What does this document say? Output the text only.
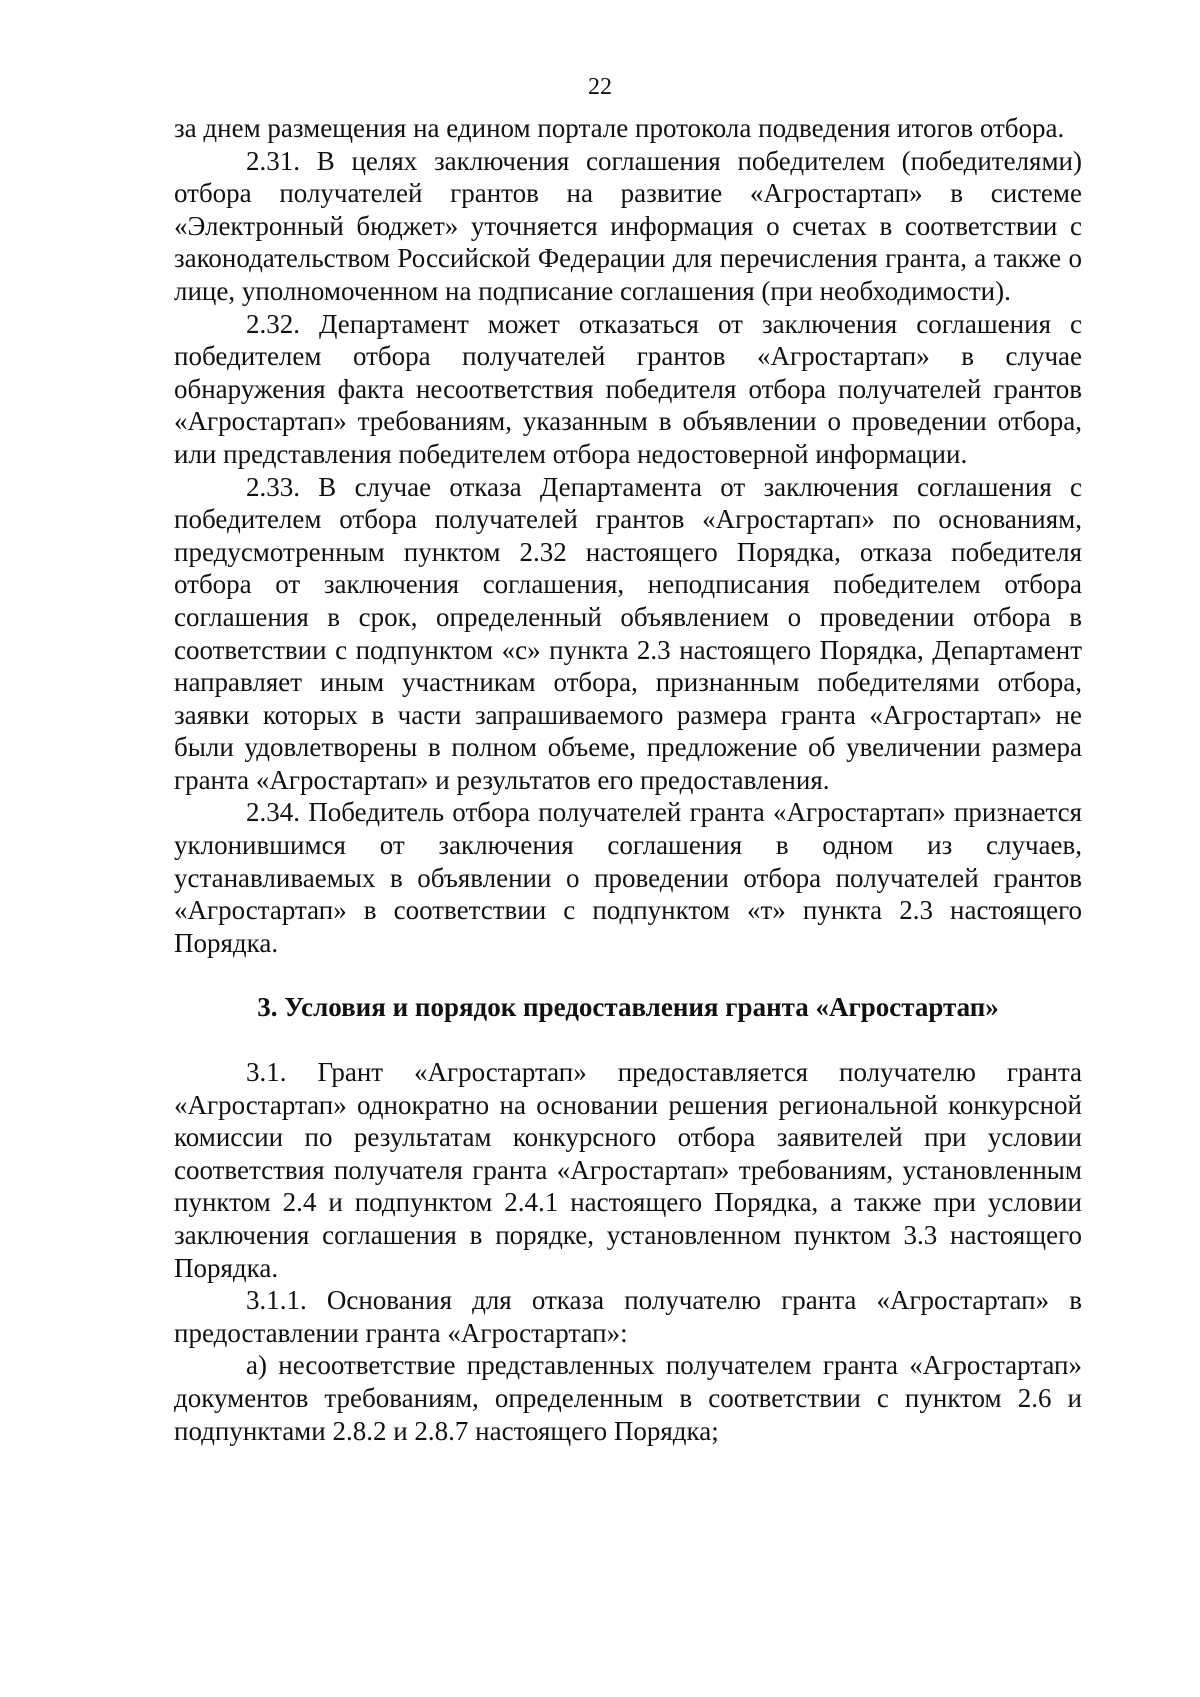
22

за днем размещения на едином портале протокола подведения итогов отбора.

2.31. В целях заключения соглашения победителем (победителями) отбора получателей грантов на развитие «Агростартап» в системе «Электронный бюджет» уточняется информация о счетах в соответствии с законодательством Российской Федерации для перечисления гранта, а также о лице, уполномоченном на подписание соглашения (при необходимости).

2.32. Департамент может отказаться от заключения соглашения с победителем отбора получателей грантов «Агростартап» в случае обнаружения факта несоответствия победителя отбора получателей грантов «Агростартап» требованиям, указанным в объявлении о проведении отбора, или представления победителем отбора недостоверной информации.

2.33. В случае отказа Департамента от заключения соглашения с победителем отбора получателей грантов «Агростартап» по основаниям, предусмотренным пунктом 2.32 настоящего Порядка, отказа победителя отбора от заключения соглашения, неподписания победителем отбора соглашения в срок, определенный объявлением о проведении отбора в соответствии с подпунктом «с» пункта 2.3 настоящего Порядка, Департамент направляет иным участникам отбора, признанным победителями отбора, заявки которых в части запрашиваемого размера гранта «Агростартап» не были удовлетворены в полном объеме, предложение об увеличении размера гранта «Агростартап» и результатов его предоставления.

2.34. Победитель отбора получателей гранта «Агростартап» признается уклонившимся от заключения соглашения в одном из случаев, устанавливаемых в объявлении о проведении отбора получателей грантов «Агростартап» в соответствии с подпунктом «т» пункта 2.3 настоящего Порядка.

3. Условия и порядок предоставления гранта «Агростартап»

3.1. Грант «Агростартап» предоставляется получателю гранта «Агростартап» однократно на основании решения региональной конкурсной комиссии по результатам конкурсного отбора заявителей при условии соответствия получателя гранта «Агростартап» требованиям, установленным пунктом 2.4 и подпунктом 2.4.1 настоящего Порядка, а также при условии заключения соглашения в порядке, установленном пунктом 3.3 настоящего Порядка.

3.1.1. Основания для отказа получателю гранта «Агростартап» в предоставлении гранта «Агростартап»:

а) несоответствие представленных получателем гранта «Агростартап» документов требованиям, определенным в соответствии с пунктом 2.6 и подпунктами 2.8.2 и 2.8.7 настоящего Порядка;
